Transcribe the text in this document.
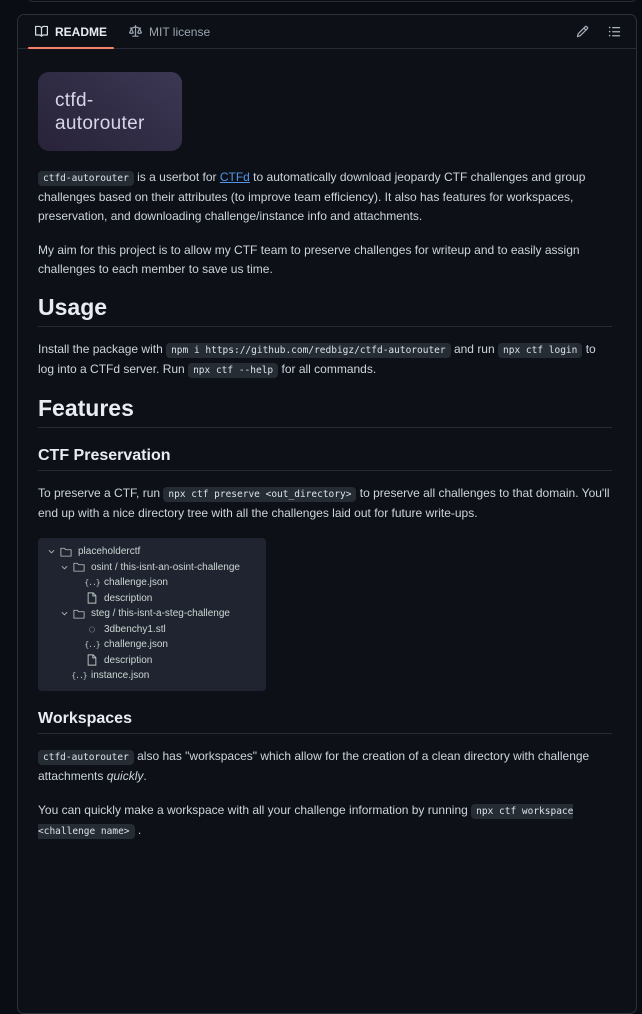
README	MIT license
ctfd-
autorouter

ctfd-autorouter is a userbot for CTFd to automatically download jeopardy CTF challenges and group challenges based on their attributes (to improve team efficiency). It also has features for workspaces, preservation, and downloading challenge/instance info and attachments.

My aim for this project is to allow my CTF team to preserve challenges for writeup and to easily assign challenges to each member to save us time.

Usage

Install the package with npm i https://github.com/redbigz/ctfd-autorouter and run npx ctf login to log into a CTFd server. Run npx ctf --help for all commands.

Features
CTF Preservation

To preserve a CTF, run npx ctf preserve <out_directory> to preserve all challenges to that domain. You'll end up with a nice directory tree with all the challenges laid out for future write-ups.

placeholderctf
osint / this-isnt-an-osint-challenge
{..} challenge.json
description
steg / this-isnt-a-steg-challenge
◌ 3dbenchy1.stl
{..} challenge.json
description
{..} instance.json
Workspaces

ctfd-autorouter also has "workspaces" which allow for the creation of a clean directory with challenge attachments quickly.

You can quickly make a workspace with all your challenge information by running npx ctf workspace <challenge name> .
